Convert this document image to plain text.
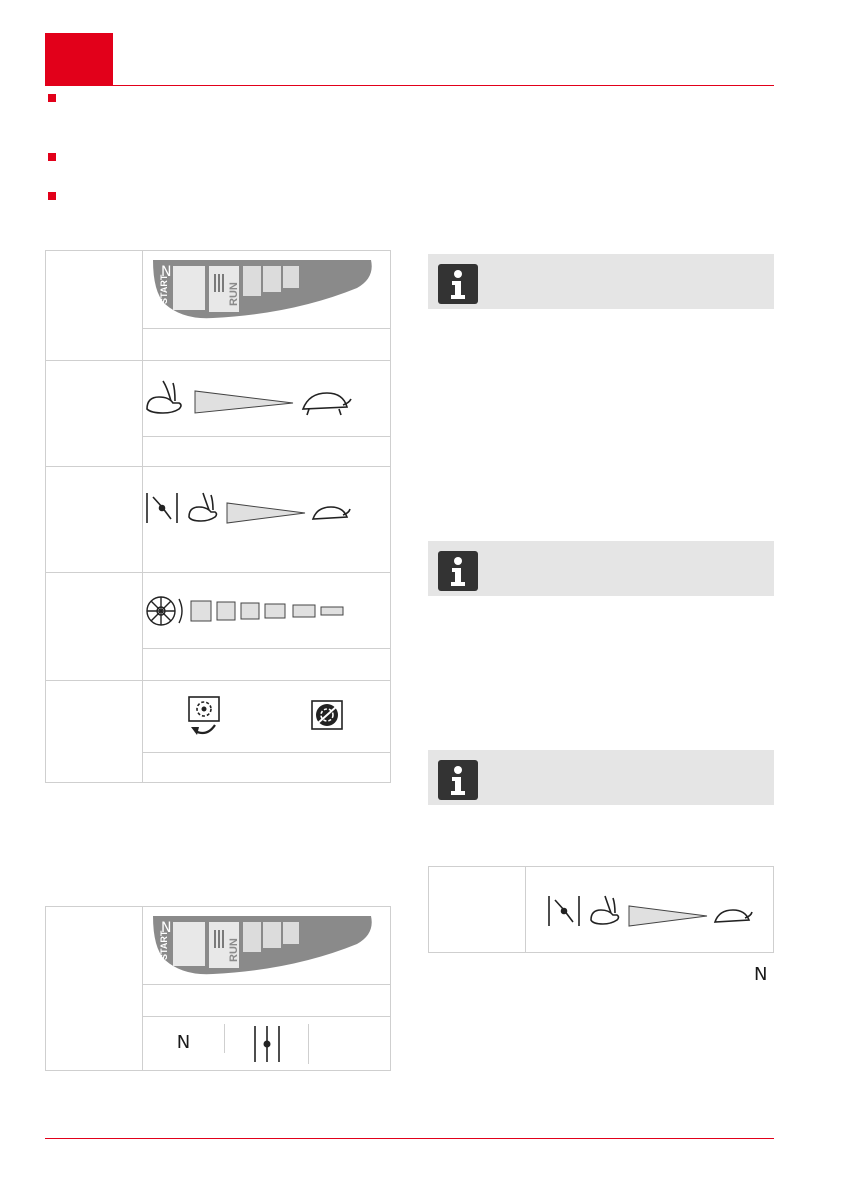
N
START RUN

N
START	RUN

N

N
